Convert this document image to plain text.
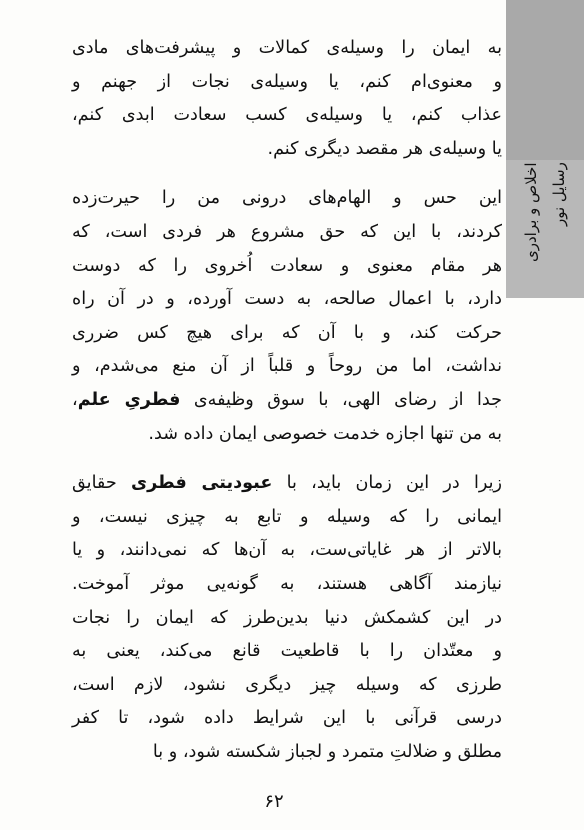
اخلاص و برادری رسایل نور
به ایمان را وسیله‌ی کمالات و پیشرفت‌های مادی
و معنوی‌ام کنم، یا وسیله‌ی نجات از جهنم و
عذاب کنم، یا وسیله‌ی کسب سعادت ابدی کنم،
یا وسیله‌ی هر مقصد دیگری کنم.
این حس و الهام‌های درونی من را حیرت‌زده
کردند، با این که حق مشروع هر فردی است، که
هر مقام معنوی و سعادت اُخروی را که دوست
دارد، با اعمال صالحه، به دست آورده، و در آن راه
حرکت کند، و با آن که برای هیچ کس ضرری
نداشت، اما من روحاً و قلباً از آن منع می‌شدم، و
جدا از رضای الهی، با سوق وظیفه‌ی فطریِ علم،
به من تنها اجازه خدمت خصوصی ایمان داده شد.
زیرا در این زمان باید، با عبودیتی فطری حقایق
ایمانی را که وسیله و تابع به چیزی نیست، و
بالاتر از هر غایاتی‌ست، به آن‌ها که نمی‌دانند، و یا
نیازمند آگاهی هستند، به گونه‌یی موثر آموخت.
در این کشمکش دنیا بدین‌طرز که ایمان را نجات
و معتّدان را با قاطعیت قانع می‌کند، یعنی به
طرزی که وسیله چیز دیگری نشود، لازم است،
درسی قرآنی با این شرایط داده شود، تا کفر
مطلق و ضلالتِ متمرد و لجباز شکسته شود، و با
۶۲
